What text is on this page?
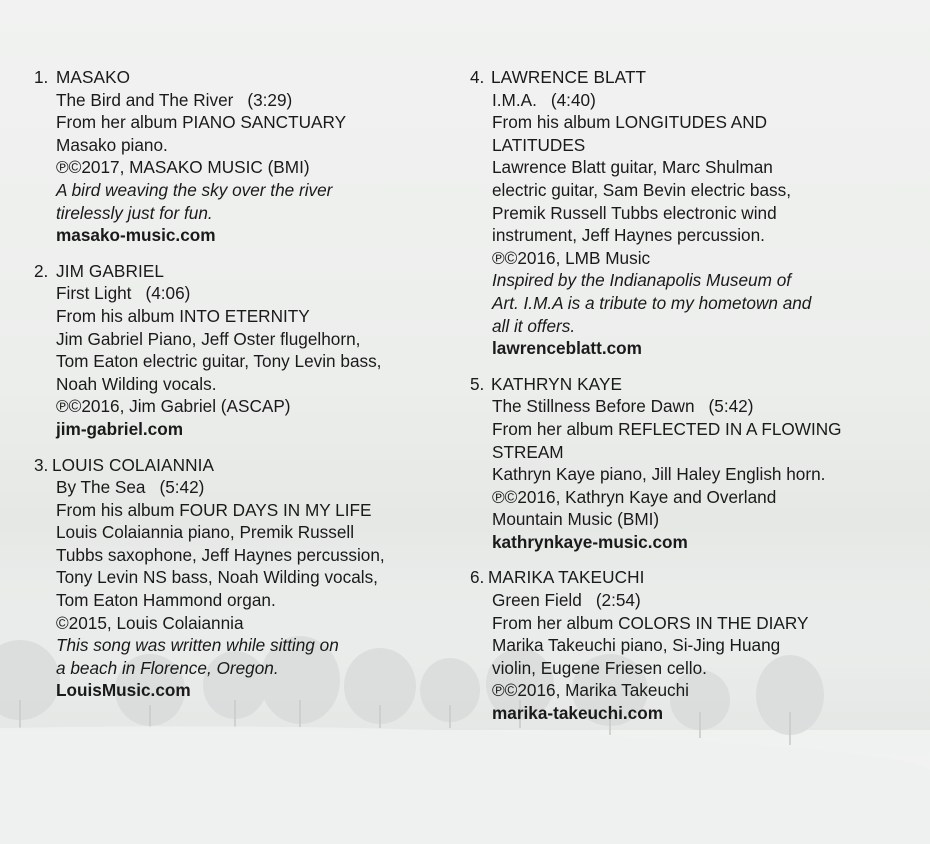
1. MASAKO
The Bird and The River (3:29)
From her album PIANO SANCTUARY
Masako piano.
℗©2017, MASAKO MUSIC (BMI)
A bird weaving the sky over the river
tirelessly just for fun.
masako-music.com
2. JIM GABRIEL
First Light (4:06)
From his album INTO ETERNITY
Jim Gabriel Piano, Jeff Oster flugelhorn,
Tom Eaton electric guitar, Tony Levin bass,
Noah Wilding vocals.
℗©2016, Jim Gabriel (ASCAP)
jim-gabriel.com
3. LOUIS COLAIANNIA
By The Sea (5:42)
From his album FOUR DAYS IN MY LIFE
Louis Colaiannia piano, Premik Russell
Tubbs saxophone, Jeff Haynes percussion,
Tony Levin NS bass, Noah Wilding vocals,
Tom Eaton Hammond organ.
©2015, Louis Colaiannia
This song was written while sitting on
a beach in Florence, Oregon.
LouisMusic.com
4. LAWRENCE BLATT
I.M.A. (4:40)
From his album LONGITUDES AND
LATITUDES
Lawrence Blatt guitar, Marc Shulman
electric guitar, Sam Bevin electric bass,
Premik Russell Tubbs electronic wind
instrument, Jeff Haynes percussion.
℗©2016, LMB Music
Inspired by the Indianapolis Museum of
Art. I.M.A is a tribute to my hometown and
all it offers.
lawrenceblatt.com
5. KATHRYN KAYE
The Stillness Before Dawn (5:42)
From her album REFLECTED IN A FLOWING
STREAM
Kathryn Kaye piano, Jill Haley English horn.
℗©2016, Kathryn Kaye and Overland
Mountain Music (BMI)
kathrynkaye-music.com
6. MARIKA TAKEUCHI
Green Field (2:54)
From her album COLORS IN THE DIARY
Marika Takeuchi piano, Si-Jing Huang
violin, Eugene Friesen cello.
℗©2016, Marika Takeuchi
marika-takeuchi.com
